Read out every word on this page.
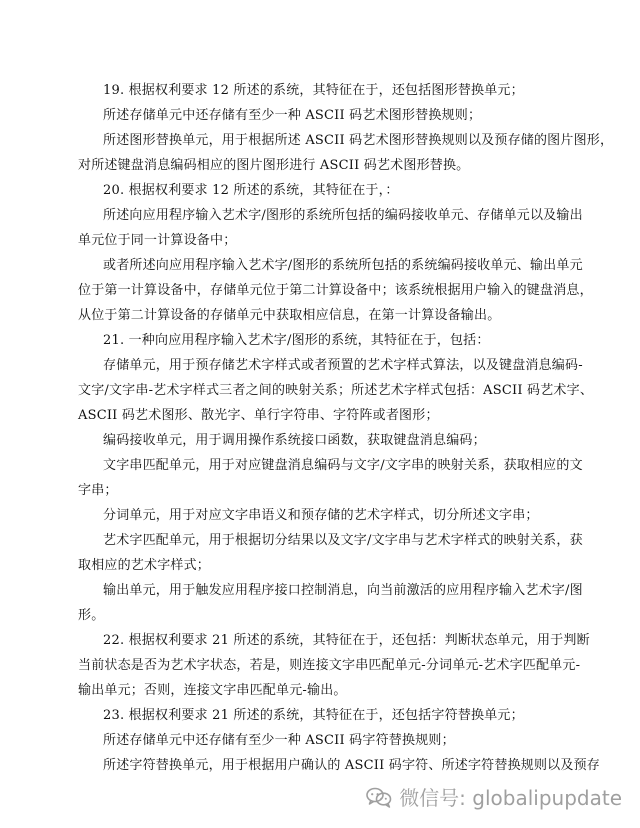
19. 根据权利要求 12 所述的系统，其特征在于，还包括图形替换单元；
所述存储单元中还存储有至少一种 ASCII 码艺术图形替换规则；
所述图形替换单元，用于根据所述 ASCII 码艺术图形替换规则以及预存储的图片图形，
对所述键盘消息编码相应的图片图形进行 ASCII 码艺术图形替换。
20. 根据权利要求 12 所述的系统，其特征在于，：
所述向应用程序输入艺术字/图形的系统所包括的编码接收单元、存储单元以及输出
单元位于同一计算设备中；
或者所述向应用程序输入艺术字/图形的系统所包括的系统编码接收单元、输出单元
位于第一计算设备中，存储单元位于第二计算设备中；该系统根据用户输入的键盘消息，
从位于第二计算设备的存储单元中获取相应信息，在第一计算设备输出。
21. 一种向应用程序输入艺术字/图形的系统，其特征在于，包括：
存储单元，用于预存储艺术字样式或者预置的艺术字样式算法，以及键盘消息编码-
文字/文字串-艺术字样式三者之间的映射关系；所述艺术字样式包括：ASCII 码艺术字、
ASCII 码艺术图形、散光字、单行字符串、字符阵或者图形；
编码接收单元，用于调用操作系统接口函数，获取键盘消息编码；
文字串匹配单元，用于对应键盘消息编码与文字/文字串的映射关系，获取相应的文
字串；
分词单元，用于对应文字串语义和预存储的艺术字样式，切分所述文字串；
艺术字匹配单元，用于根据切分结果以及文字/文字串与艺术字样式的映射关系，获
取相应的艺术字样式；
输出单元，用于触发应用程序接口控制消息，向当前激活的应用程序输入艺术字/图
形。
22. 根据权利要求 21 所述的系统，其特征在于，还包括：判断状态单元，用于判断
当前状态是否为艺术字状态，若是，则连接文字串匹配单元-分词单元-艺术字匹配单元-
输出单元；否则，连接文字串匹配单元-输出。
23. 根据权利要求 21 所述的系统，其特征在于，还包括字符替换单元；
所述存储单元中还存储有至少一种 ASCII 码字符替换规则；
所述字符替换单元，用于根据用户确认的 ASCII 码字符、所述字符替换规则以及预存
微信号: globalipupdate
